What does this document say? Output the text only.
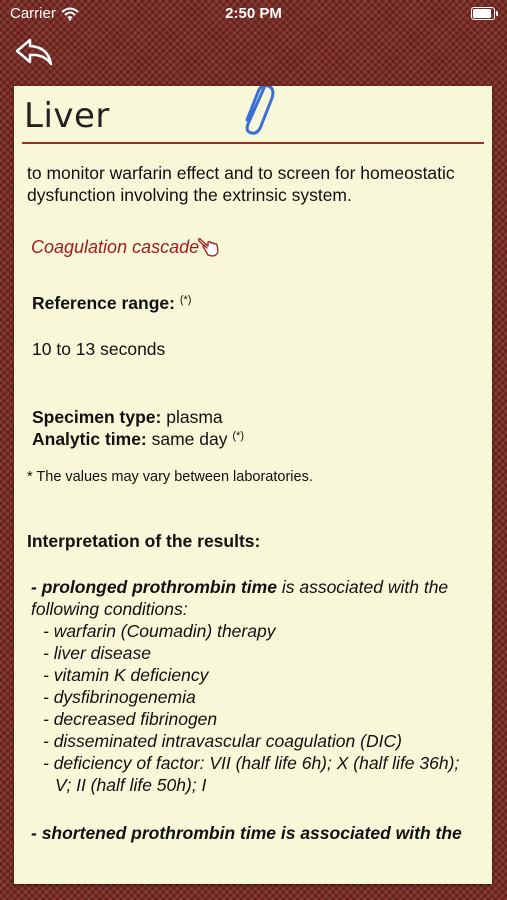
Carrier	2:50 PM
Liver

to monitor warfarin effect and to screen for homeostatic dysfunction involving the extrinsic system.

Coagulation cascade
Reference range: (*)
10 to 13 seconds
Specimen type: plasma
Analytic time: same day (*)

* The values may vary between laboratories.

Interpretation of the results:

- prolonged prothrombin time is associated with the following conditions:
- warfarin (Coumadin) therapy
- liver disease
- vitamin K deficiency
- dysfibrinogenemia
- decreased fibrinogen
- disseminated intravascular coagulation (DIC)
- deficiency of factor: VII (half life 6h); X (half life 36h); V; II (half life 50h); I
- shortened prothrombin time is associated with the
